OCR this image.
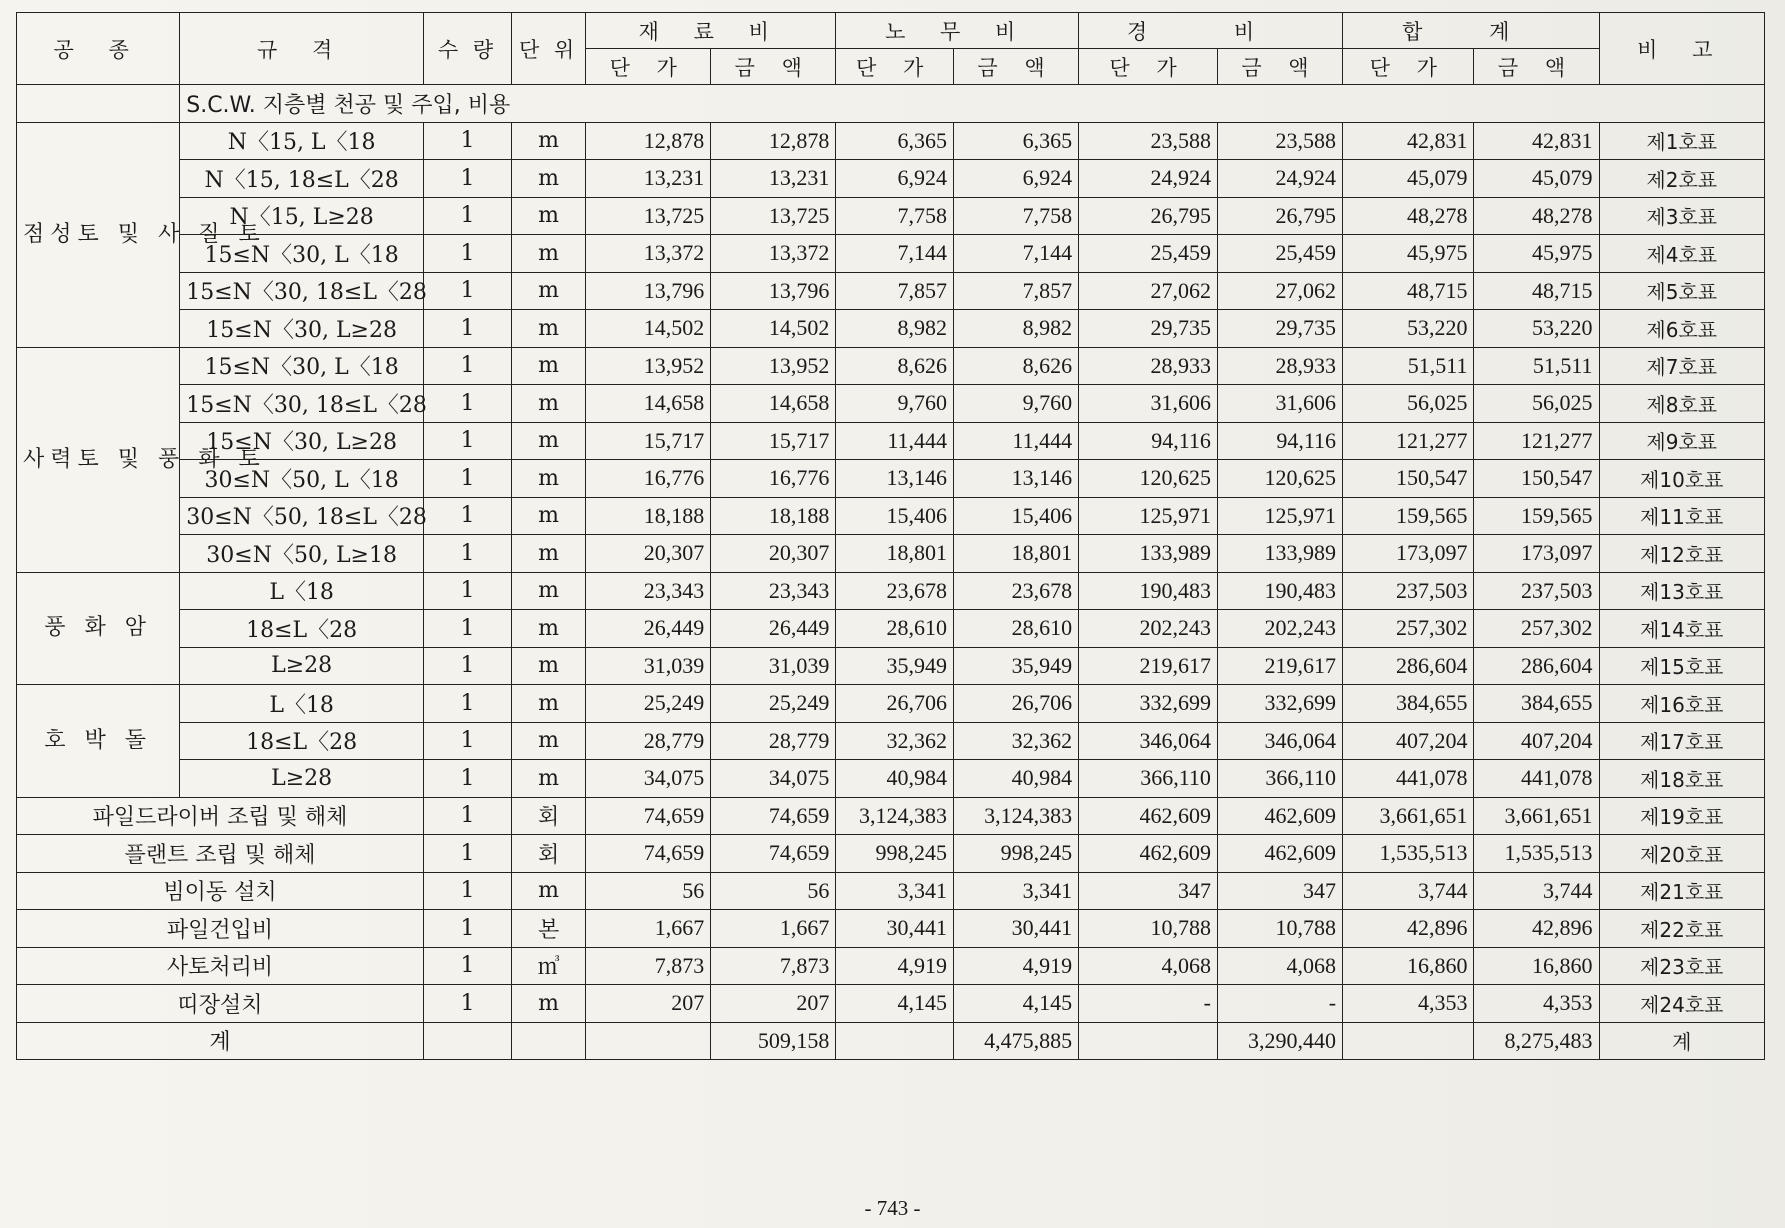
공 종	규 격	수 량	단 위	재 료 비		노 무 비		경 비		합 계		비 고
				단 가	금 액	단 가	금 액	단 가	금 액	단 가	금 액	
	S.C.W. 지층별 천공 및 주입, 비용											
점성토 및 사 질 토	N〈15, L〈18	1	m	12,878	12,878	6,365	6,365	23,588	23,588	42,831	42,831	제1호표
	N〈15, 18≤L〈28	1	m	13,231	13,231	6,924	6,924	24,924	24,924	45,079	45,079	제2호표
	N〈15, L≥28	1	m	13,725	13,725	7,758	7,758	26,795	26,795	48,278	48,278	제3호표
	15≤N〈30, L〈18	1	m	13,372	13,372	7,144	7,144	25,459	25,459	45,975	45,975	제4호표
	15≤N〈30, 18≤L〈28	1	m	13,796	13,796	7,857	7,857	27,062	27,062	48,715	48,715	제5호표
	15≤N〈30, L≥28	1	m	14,502	14,502	8,982	8,982	29,735	29,735	53,220	53,220	제6호표
사력토 및 풍 화 토	15≤N〈30, L〈18	1	m	13,952	13,952	8,626	8,626	28,933	28,933	51,511	51,511	제7호표
	15≤N〈30, 18≤L〈28	1	m	14,658	14,658	9,760	9,760	31,606	31,606	56,025	56,025	제8호표
	15≤N〈30, L≥28	1	m	15,717	15,717	11,444	11,444	94,116	94,116	121,277	121,277	제9호표
	30≤N〈50, L〈18	1	m	16,776	16,776	13,146	13,146	120,625	120,625	150,547	150,547	제10호표
	30≤N〈50, 18≤L〈28	1	m	18,188	18,188	15,406	15,406	125,971	125,971	159,565	159,565	제11호표
	30≤N〈50, L≥18	1	m	20,307	20,307	18,801	18,801	133,989	133,989	173,097	173,097	제12호표
풍 화 암	L〈18	1	m	23,343	23,343	23,678	23,678	190,483	190,483	237,503	237,503	제13호표
	18≤L〈28	1	m	26,449	26,449	28,610	28,610	202,243	202,243	257,302	257,302	제14호표
	L≥28	1	m	31,039	31,039	35,949	35,949	219,617	219,617	286,604	286,604	제15호표
호 박 돌	L〈18	1	m	25,249	25,249	26,706	26,706	332,699	332,699	384,655	384,655	제16호표
	18≤L〈28	1	m	28,779	28,779	32,362	32,362	346,064	346,064	407,204	407,204	제17호표
	L≥28	1	m	34,075	34,075	40,984	40,984	366,110	366,110	441,078	441,078	제18호표
파일드라이버 조립 및 해체		1	회	74,659	74,659	3,124,383	3,124,383	462,609	462,609	3,661,651	3,661,651	제19호표
플랜트 조립 및 해체		1	회	74,659	74,659	998,245	998,245	462,609	462,609	1,535,513	1,535,513	제20호표
빔이동 설치		1	m	56	56	3,341	3,341	347	347	3,744	3,744	제21호표
파일건입비		1	본	1,667	1,667	30,441	30,441	10,788	10,788	42,896	42,896	제22호표
사토처리비		1	㎥	7,873	7,873	4,919	4,919	4,068	4,068	16,860	16,860	제23호표
띠장설치		1	m	207	207	4,145	4,145	-	-	4,353	4,353	제24호표
계					509,158		4,475,885		3,290,440		8,275,483	계
- 743 -
